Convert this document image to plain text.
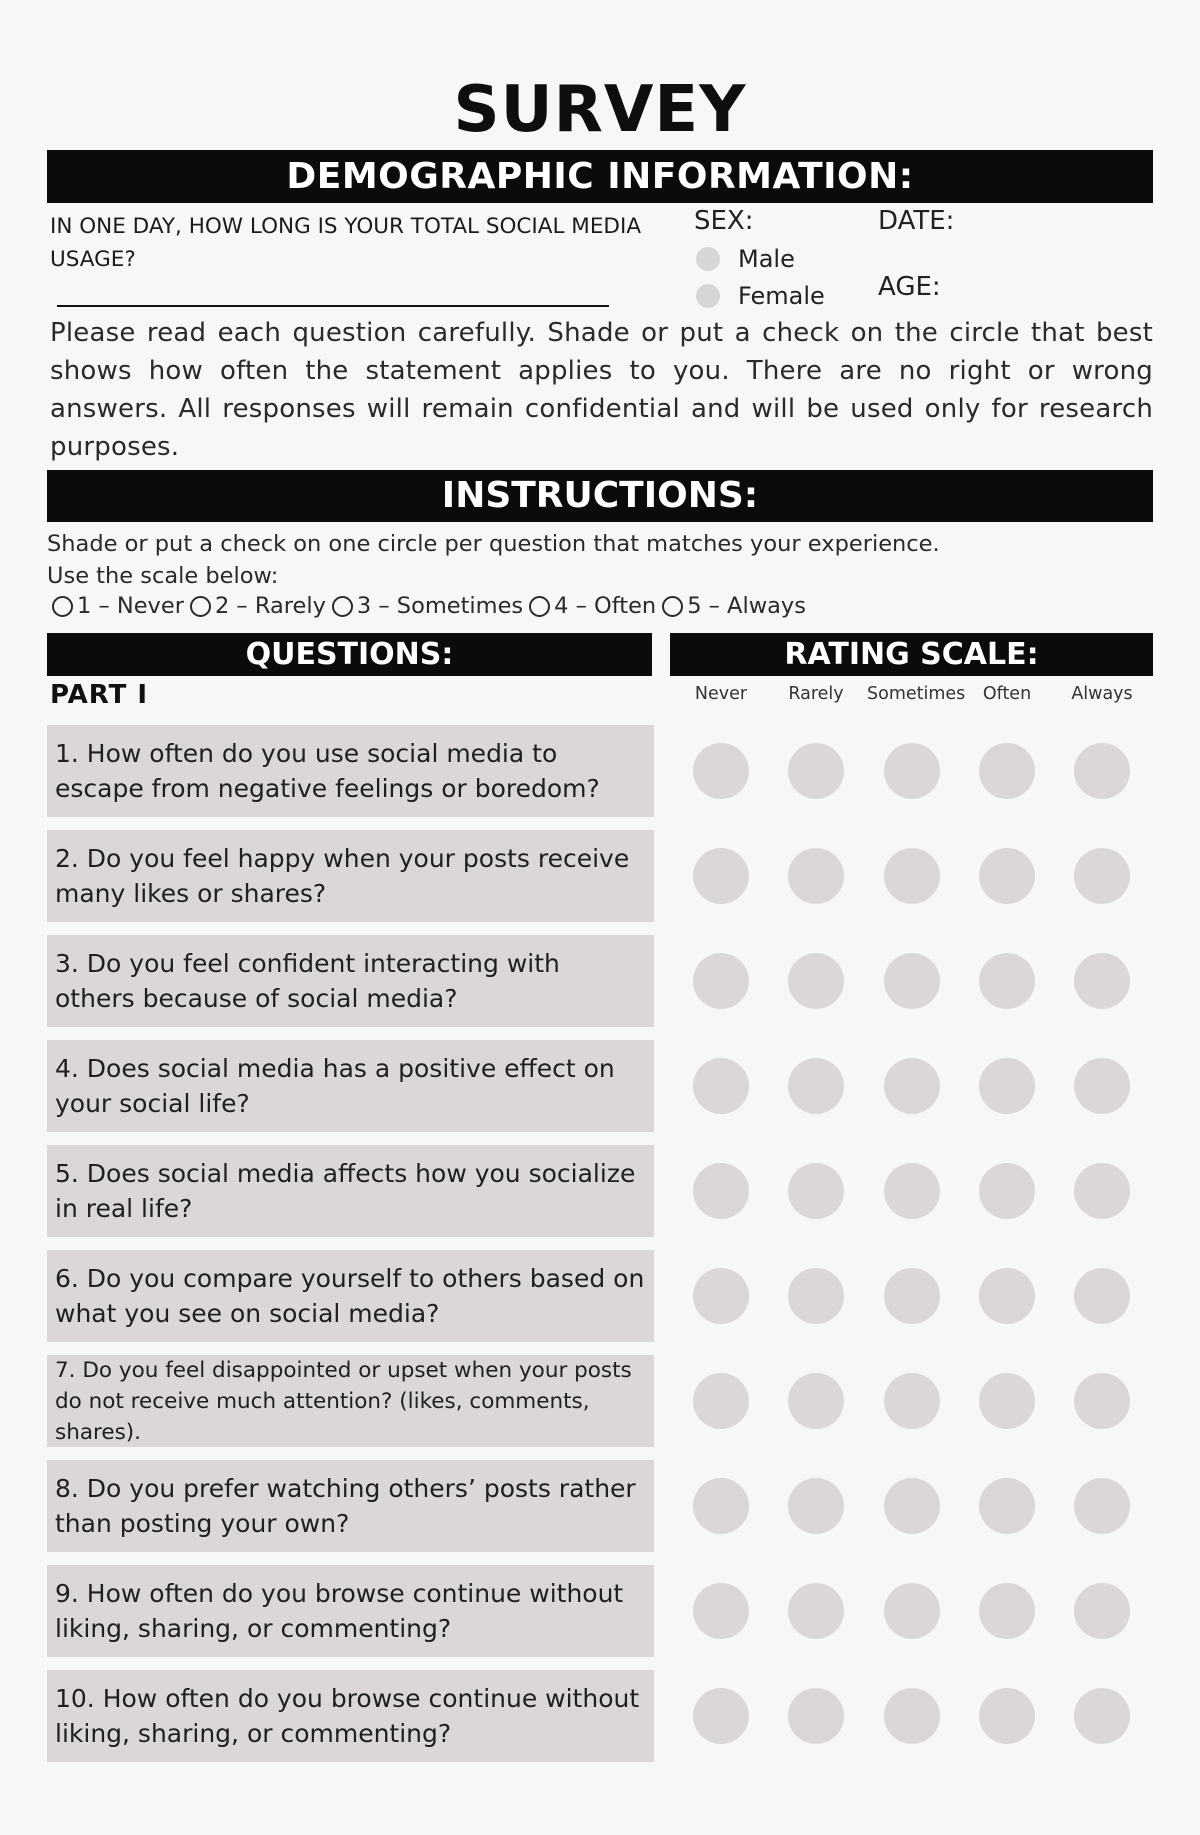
SURVEY
DEMOGRAPHIC INFORMATION:
IN ONE DAY, HOW LONG IS YOUR TOTAL SOCIAL MEDIA USAGE?
SEX:
Male
Female
DATE:
AGE:
Please read each question carefully. Shade or put a check on the circle that best shows how often the statement applies to you. There are no right or wrong answers. All responses will remain confidential and will be used only for research purposes.
INSTRUCTIONS:
Shade or put a check on one circle per question that matches your experience.
Use the scale below:
1 – Never 2 – Rarely 3 – Sometimes 4 – Often 5 – Always
QUESTIONS:	RATING SCALE:
PART I	Never	Rarely	Sometimes	Often	Always
1. How often do you use social media to escape from negative feelings or boredom?
2. Do you feel happy when your posts receive many likes or shares?
3. Do you feel confident interacting with others because of social media?
4. Does social media has a positive effect on your social life?
5. Does social media affects how you socialize in real life?
6. Do you compare yourself to others based on what you see on social media?
7. Do you feel disappointed or upset when your posts do not receive much attention? (likes, comments, shares).
8. Do you prefer watching others’ posts rather than posting your own?
9. How often do you browse continue without liking, sharing, or commenting?
10. How often do you browse continue without liking, sharing, or commenting?
